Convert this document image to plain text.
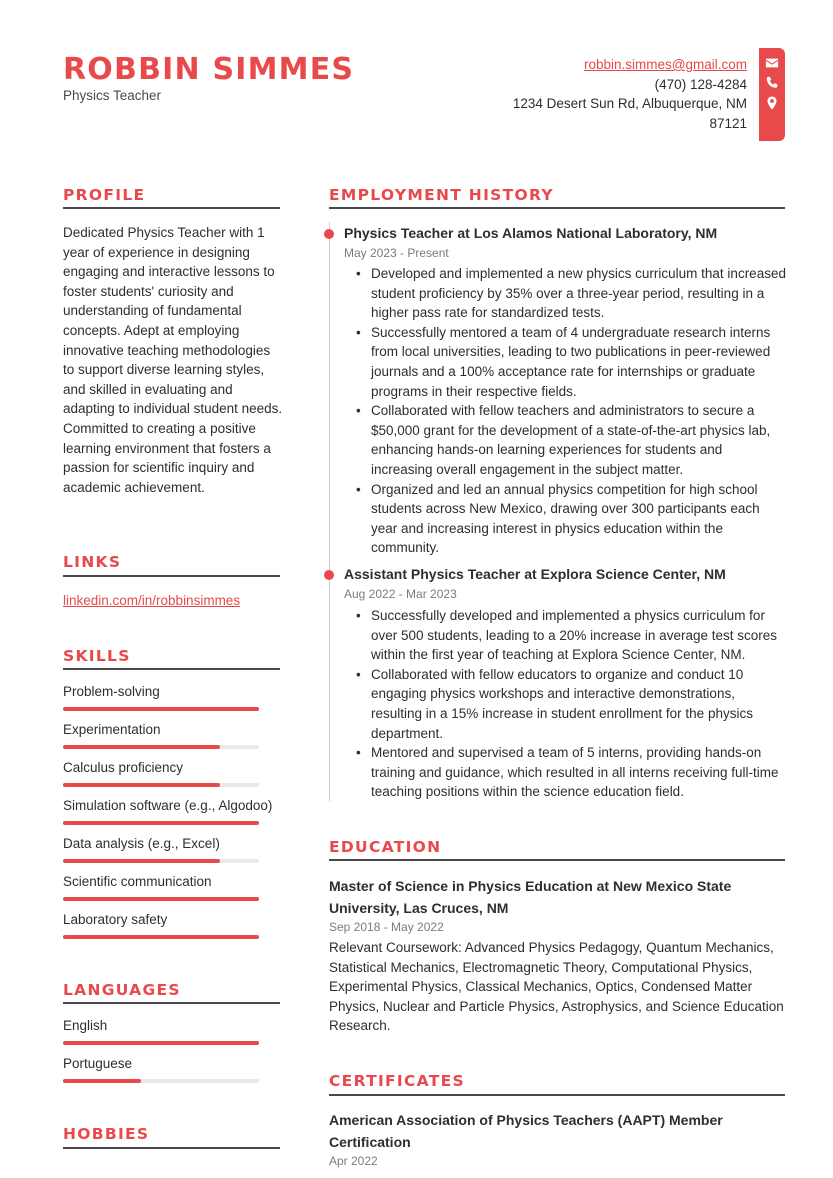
ROBBIN SIMMES
Physics Teacher
robbin.simmes@gmail.com
(470) 128-4284
1234 Desert Sun Rd, Albuquerque, NM
87121
PROFILE
Dedicated Physics Teacher with 1 year of experience in designing engaging and interactive lessons to foster students' curiosity and understanding of fundamental concepts. Adept at employing innovative teaching methodologies to support diverse learning styles, and skilled in evaluating and adapting to individual student needs. Committed to creating a positive learning environment that fosters a passion for scientific inquiry and academic achievement.
LINKS
linkedin.com/in/robbinsimmes
SKILLS
Problem-solving
Experimentation
Calculus proficiency
Simulation software (e.g., Algodoo)
Data analysis (e.g., Excel)
Scientific communication
Laboratory safety
LANGUAGES
English
Portuguese
HOBBIES
EMPLOYMENT HISTORY
Physics Teacher at Los Alamos National Laboratory, NM
May 2023 - Present
• Developed and implemented a new physics curriculum that increased student proficiency by 35% over a three-year period, resulting in a higher pass rate for standardized tests.
• Successfully mentored a team of 4 undergraduate research interns from local universities, leading to two publications in peer-reviewed journals and a 100% acceptance rate for internships or graduate programs in their respective fields.
• Collaborated with fellow teachers and administrators to secure a $50,000 grant for the development of a state-of-the-art physics lab, enhancing hands-on learning experiences for students and increasing overall engagement in the subject matter.
• Organized and led an annual physics competition for high school students across New Mexico, drawing over 300 participants each year and increasing interest in physics education within the community.
Assistant Physics Teacher at Explora Science Center, NM
Aug 2022 - Mar 2023
• Successfully developed and implemented a physics curriculum for over 500 students, leading to a 20% increase in average test scores within the first year of teaching at Explora Science Center, NM.
• Collaborated with fellow educators to organize and conduct 10 engaging physics workshops and interactive demonstrations, resulting in a 15% increase in student enrollment for the physics department.
• Mentored and supervised a team of 5 interns, providing hands-on training and guidance, which resulted in all interns receiving full-time teaching positions within the science education field.
EDUCATION
Master of Science in Physics Education at New Mexico State University, Las Cruces, NM
Sep 2018 - May 2022
Relevant Coursework: Advanced Physics Pedagogy, Quantum Mechanics, Statistical Mechanics, Electromagnetic Theory, Computational Physics, Experimental Physics, Classical Mechanics, Optics, Condensed Matter Physics, Nuclear and Particle Physics, Astrophysics, and Science Education Research.
CERTIFICATES
American Association of Physics Teachers (AAPT) Member Certification
Apr 2022
